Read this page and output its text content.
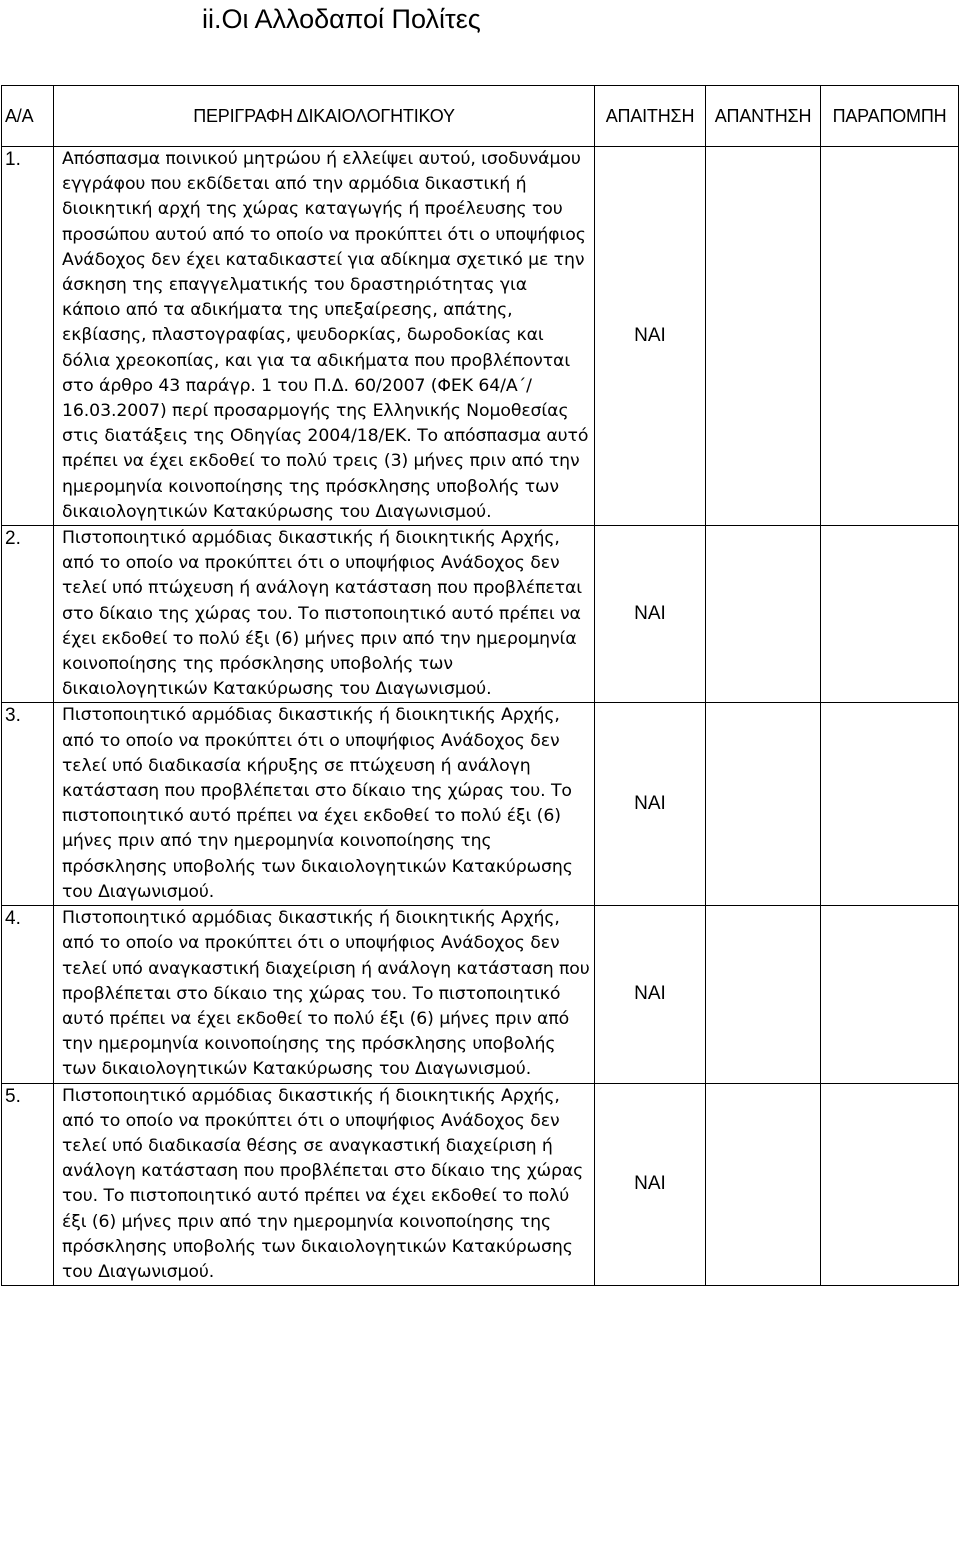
ii.Οι Αλλοδαποί Πολίτες
Α/Α	ΠΕΡΙΓΡΑΦΗ ΔΙΚΑΙΟΛΟΓΗΤΙΚΟΥ	ΑΠΑΙΤΗΣΗ	ΑΠΑΝΤΗΣΗ	ΠΑΡΑΠΟΜΠΗ
1.	Απόσπασμα ποινικού μητρώου ή ελλείψει αυτού, ισοδυνάμου εγγράφου που εκδίδεται από την αρμόδια δικαστική ή διοικητική αρχή της χώρας καταγωγής ή προέλευσης του προσώπου αυτού από το οποίο να προκύπτει ότι ο υποψήφιος Ανάδοχος δεν έχει καταδικαστεί για αδίκημα σχετικό με την άσκηση της επαγγελματικής του δραστηριότητας για κάποιο από τα αδικήματα της υπεξαίρεσης, απάτης, εκβίασης, πλαστογραφίας, ψευδορκίας, δωροδοκίας και δόλια χρεοκοπίας, και για τα αδικήματα που προβλέπονται στο άρθρο 43 παράγρ. 1 του Π.Δ. 60/2007 (ΦΕΚ 64/Α΄/ 16.03.2007) περί προσαρμογής της Ελληνικής Νομοθεσίας στις διατάξεις της Οδηγίας 2004/18/ΕΚ. Το απόσπασμα αυτό πρέπει να έχει εκδοθεί το πολύ τρεις (3) μήνες πριν από την ημερομηνία κοινοποίησης της πρόσκλησης υποβολής των δικαιολογητικών Κατακύρωσης του Διαγωνισμού.	ΝΑΙ		
2.	Πιστοποιητικό αρμόδιας δικαστικής ή διοικητικής Αρχής, από το οποίο να προκύπτει ότι ο υποψήφιος Ανάδοχος δεν τελεί υπό πτώχευση ή ανάλογη κατάσταση που προβλέπεται στο δίκαιο της χώρας του. Το πιστοποιητικό αυτό πρέπει να έχει εκδοθεί το πολύ έξι (6) μήνες πριν από την ημερομηνία κοινοποίησης της πρόσκλησης υποβολής των δικαιολογητικών Κατακύρωσης του Διαγωνισμού.	ΝΑΙ		
3.	Πιστοποιητικό αρμόδιας δικαστικής ή διοικητικής Αρχής, από το οποίο να προκύπτει ότι ο υποψήφιος Ανάδοχος δεν τελεί υπό διαδικασία κήρυξης σε πτώχευση ή ανάλογη κατάσταση που προβλέπεται στο δίκαιο της χώρας του. Το πιστοποιητικό αυτό πρέπει να έχει εκδοθεί το πολύ έξι (6) μήνες πριν από την ημερομηνία κοινοποίησης της πρόσκλησης υποβολής των δικαιολογητικών Κατακύρωσης του Διαγωνισμού.	ΝΑΙ		
4.	Πιστοποιητικό αρμόδιας δικαστικής ή διοικητικής Αρχής, από το οποίο να προκύπτει ότι ο υποψήφιος Ανάδοχος δεν τελεί υπό αναγκαστική διαχείριση ή ανάλογη κατάσταση που προβλέπεται στο δίκαιο της χώρας του. Το πιστοποιητικό αυτό πρέπει να έχει εκδοθεί το πολύ έξι (6) μήνες πριν από την ημερομηνία κοινοποίησης της πρόσκλησης υποβολής των δικαιολογητικών Κατακύρωσης του Διαγωνισμού.	ΝΑΙ		
5.	Πιστοποιητικό αρμόδιας δικαστικής ή διοικητικής Αρχής, από το οποίο να προκύπτει ότι ο υποψήφιος Ανάδοχος δεν τελεί υπό διαδικασία θέσης σε αναγκαστική διαχείριση ή ανάλογη κατάσταση που προβλέπεται στο δίκαιο της χώρας του. Το πιστοποιητικό αυτό πρέπει να έχει εκδοθεί το πολύ έξι (6) μήνες πριν από την ημερομηνία κοινοποίησης της πρόσκλησης υποβολής των δικαιολογητικών Κατακύρωσης του Διαγωνισμού.	ΝΑΙ		
